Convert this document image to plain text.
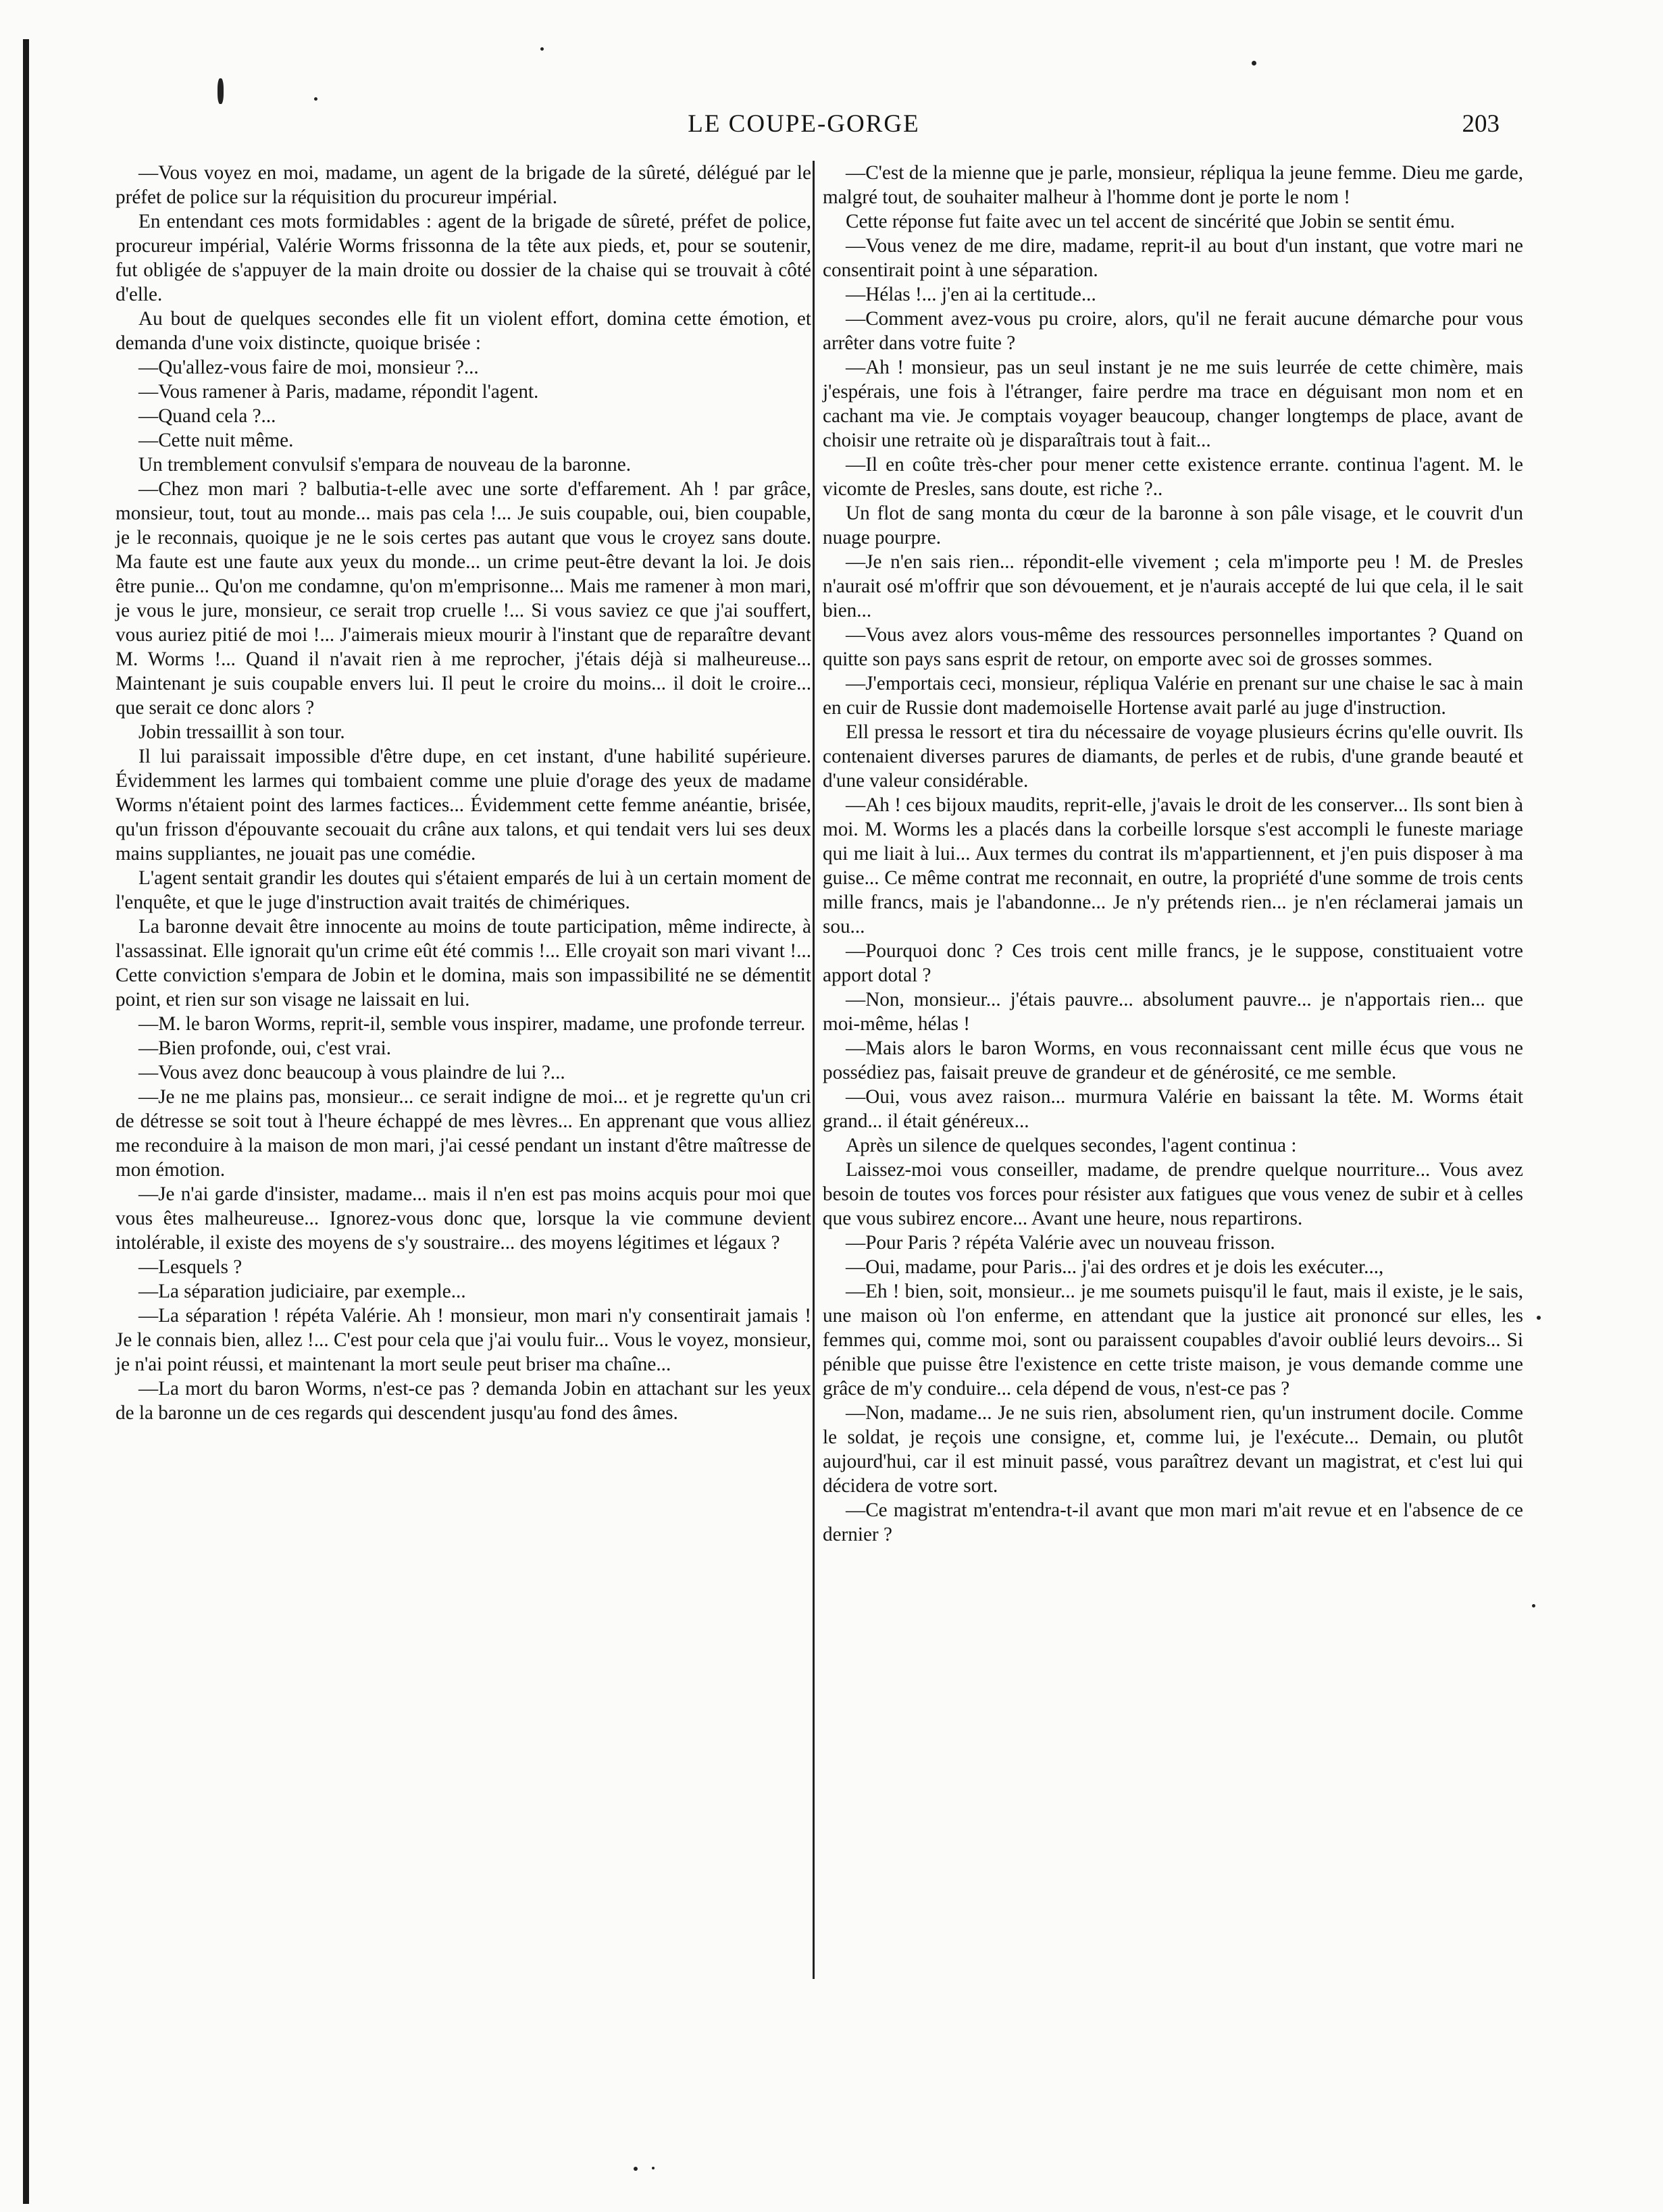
LE COUPE-GORGE	203

—Vous voyez en moi, madame, un agent de la brigade de la sûreté, délégué par le préfet de police sur la réquisition du procureur impérial.

En entendant ces mots formidables : agent de la brigade de sûreté, préfet de police, procureur impérial, Valérie Worms frissonna de la tête aux pieds, et, pour se soutenir, fut obligée de s'appuyer de la main droite ou dossier de la chaise qui se trouvait à côté d'elle.

Au bout de quelques secondes elle fit un violent effort, domina cette émotion, et demanda d'une voix distincte, quoique brisée :

—Qu'allez-vous faire de moi, monsieur ?...

—Vous ramener à Paris, madame, répondit l'agent.

—Quand cela ?...

—Cette nuit même.

Un tremblement convulsif s'empara de nouveau de la baronne.

—Chez mon mari ? balbutia-t-elle avec une sorte d'effarement. Ah ! par grâce, monsieur, tout, tout au monde... mais pas cela !... Je suis coupable, oui, bien coupable, je le reconnais, quoique je ne le sois certes pas autant que vous le croyez sans doute. Ma faute est une faute aux yeux du monde... un crime peut-être devant la loi. Je dois être punie... Qu'on me condamne, qu'on m'emprisonne... Mais me ramener à mon mari, je vous le jure, monsieur, ce serait trop cruelle !... Si vous saviez ce que j'ai souffert, vous auriez pitié de moi !... J'aimerais mieux mourir à l'instant que de reparaître devant M. Worms !... Quand il n'avait rien à me reprocher, j'étais déjà si malheureuse... Maintenant je suis coupable envers lui. Il peut le croire du moins... il doit le croire... que serait ce donc alors ?

Jobin tressaillit à son tour.

Il lui paraissait impossible d'être dupe, en cet instant, d'une habilité supérieure. Évidemment les larmes qui tombaient comme une pluie d'orage des yeux de madame Worms n'étaient point des larmes factices... Évidemment cette femme anéantie, brisée, qu'un frisson d'épouvante secouait du crâne aux talons, et qui tendait vers lui ses deux mains suppliantes, ne jouait pas une comédie.

L'agent sentait grandir les doutes qui s'étaient emparés de lui à un certain moment de l'enquête, et que le juge d'instruction avait traités de chimériques.

La baronne devait être innocente au moins de toute participation, même indirecte, à l'assassinat. Elle ignorait qu'un crime eût été commis !... Elle croyait son mari vivant !... Cette conviction s'empara de Jobin et le domina, mais son impassibilité ne se démentit point, et rien sur son visage ne laissait en lui.

—M. le baron Worms, reprit-il, semble vous inspirer, madame, une profonde terreur.

—Bien profonde, oui, c'est vrai.

—Vous avez donc beaucoup à vous plaindre de lui ?...

—Je ne me plains pas, monsieur... ce serait indigne de moi... et je regrette qu'un cri de détresse se soit tout à l'heure échappé de mes lèvres... En apprenant que vous alliez me reconduire à la maison de mon mari, j'ai cessé pendant un instant d'être maîtresse de mon émotion.

—Je n'ai garde d'insister, madame... mais il n'en est pas moins acquis pour moi que vous êtes malheureuse... Ignorez-vous donc que, lorsque la vie commune devient intolérable, il existe des moyens de s'y soustraire... des moyens légitimes et légaux ?

—Lesquels ?

—La séparation judiciaire, par exemple...

—La séparation ! répéta Valérie. Ah ! monsieur, mon mari n'y consentirait jamais ! Je le connais bien, allez !... C'est pour cela que j'ai voulu fuir... Vous le voyez, monsieur, je n'ai point réussi, et maintenant la mort seule peut briser ma chaîne...

—La mort du baron Worms, n'est-ce pas ? demanda Jobin en attachant sur les yeux de la baronne un de ces regards qui descendent jusqu'au fond des âmes.

—C'est de la mienne que je parle, monsieur, répliqua la jeune femme. Dieu me garde, malgré tout, de souhaiter malheur à l'homme dont je porte le nom !

Cette réponse fut faite avec un tel accent de sincérité que Jobin se sentit ému.

—Vous venez de me dire, madame, reprit-il au bout d'un instant, que votre mari ne consentirait point à une séparation.

—Hélas !... j'en ai la certitude...

—Comment avez-vous pu croire, alors, qu'il ne ferait aucune démarche pour vous arrêter dans votre fuite ?

—Ah ! monsieur, pas un seul instant je ne me suis leurrée de cette chimère, mais j'espérais, une fois à l'étranger, faire perdre ma trace en déguisant mon nom et en cachant ma vie. Je comptais voyager beaucoup, changer longtemps de place, avant de choisir une retraite où je disparaîtrais tout à fait...

—Il en coûte très-cher pour mener cette existence errante. continua l'agent. M. le vicomte de Presles, sans doute, est riche ?..

Un flot de sang monta du cœur de la baronne à son pâle visage, et le couvrit d'un nuage pourpre.

—Je n'en sais rien... répondit-elle vivement ; cela m'importe peu ! M. de Presles n'aurait osé m'offrir que son dévouement, et je n'aurais accepté de lui que cela, il le sait bien...

—Vous avez alors vous-même des ressources personnelles importantes ? Quand on quitte son pays sans esprit de retour, on emporte avec soi de grosses sommes.

—J'emportais ceci, monsieur, répliqua Valérie en prenant sur une chaise le sac à main en cuir de Russie dont mademoiselle Hortense avait parlé au juge d'instruction.

Ell pressa le ressort et tira du nécessaire de voyage plusieurs écrins qu'elle ouvrit. Ils contenaient diverses parures de diamants, de perles et de rubis, d'une grande beauté et d'une valeur considérable.

—Ah ! ces bijoux maudits, reprit-elle, j'avais le droit de les conserver... Ils sont bien à moi. M. Worms les a placés dans la corbeille lorsque s'est accompli le funeste mariage qui me liait à lui... Aux termes du contrat ils m'appartiennent, et j'en puis disposer à ma guise... Ce même contrat me reconnait, en outre, la propriété d'une somme de trois cents mille francs, mais je l'abandonne... Je n'y prétends rien... je n'en réclamerai jamais un sou...

—Pourquoi donc ? Ces trois cent mille francs, je le suppose, constituaient votre apport dotal ?

—Non, monsieur... j'étais pauvre... absolument pauvre... je n'apportais rien... que moi-même, hélas !

—Mais alors le baron Worms, en vous reconnaissant cent mille écus que vous ne possédiez pas, faisait preuve de grandeur et de générosité, ce me semble.

—Oui, vous avez raison... murmura Valérie en baissant la tête. M. Worms était grand... il était généreux...

Après un silence de quelques secondes, l'agent continua :

Laissez-moi vous conseiller, madame, de prendre quelque nourriture... Vous avez besoin de toutes vos forces pour résister aux fatigues que vous venez de subir et à celles que vous subirez encore... Avant une heure, nous repartirons.

—Pour Paris ? répéta Valérie avec un nouveau frisson.

—Oui, madame, pour Paris... j'ai des ordres et je dois les exécuter...,

—Eh ! bien, soit, monsieur... je me soumets puisqu'il le faut, mais il existe, je le sais, une maison où l'on enferme, en attendant que la justice ait prononcé sur elles, les femmes qui, comme moi, sont ou paraissent coupables d'avoir oublié leurs devoirs... Si pénible que puisse être l'existence en cette triste maison, je vous demande comme une grâce de m'y conduire... cela dépend de vous, n'est-ce pas ?

—Non, madame... Je ne suis rien, absolument rien, qu'un instrument docile. Comme le soldat, je reçois une consigne, et, comme lui, je l'exécute... Demain, ou plutôt aujourd'hui, car il est minuit passé, vous paraîtrez devant un magistrat, et c'est lui qui décidera de votre sort.

—Ce magistrat m'entendra-t-il avant que mon mari m'ait revue et en l'absence de ce dernier ?
